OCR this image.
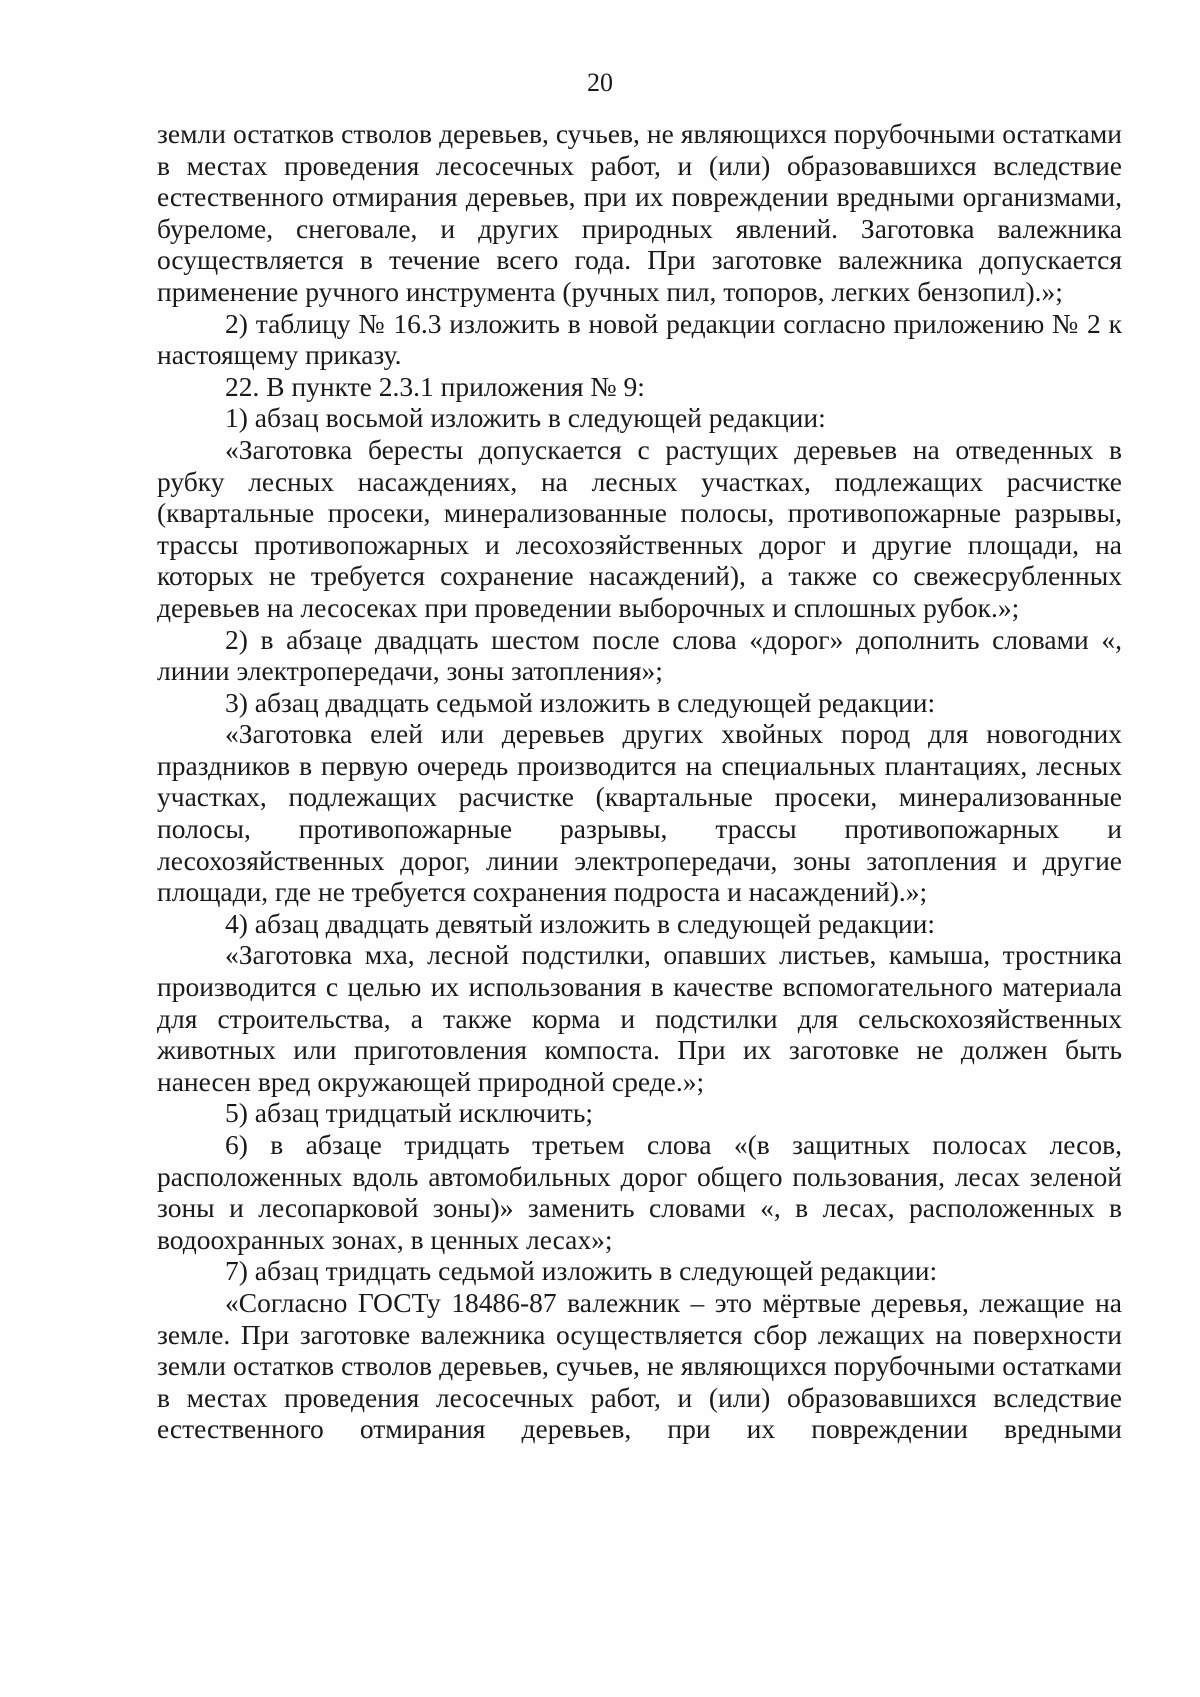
20

земли остатков стволов деревьев, сучьев, не являющихся порубочными остатками в местах проведения лесосечных работ, и (или) образовавшихся вследствие естественного отмирания деревьев, при их повреждении вредными организмами, буреломе, снеговале, и других природных явлений. Заготовка валежника осуществляется в течение всего года. При заготовке валежника допускается применение ручного инструмента (ручных пил, топоров, легких бензопил).»;

2) таблицу № 16.3 изложить в новой редакции согласно приложению № 2 к настоящему приказу.

22. В пункте 2.3.1 приложения № 9:

1) абзац восьмой изложить в следующей редакции:

«Заготовка бересты допускается с растущих деревьев на отведенных в рубку лесных насаждениях, на лесных участках, подлежащих расчистке (квартальные просеки, минерализованные полосы, противопожарные разрывы, трассы противопожарных и лесохозяйственных дорог и другие площади, на которых не требуется сохранение насаждений), а также со свежесрубленных деревьев на лесосеках при проведении выборочных и сплошных рубок.»;

2) в абзаце двадцать шестом после слова «дорог» дополнить словами «, линии электропередачи, зоны затопления»;

3) абзац двадцать седьмой изложить в следующей редакции:

«Заготовка елей или деревьев других хвойных пород для новогодних праздников в первую очередь производится на специальных плантациях, лесных участках, подлежащих расчистке (квартальные просеки, минерализованные полосы, противопожарные разрывы, трассы противопожарных и лесохозяйственных дорог, линии электропередачи, зоны затопления и другие площади, где не требуется сохранения подроста и насаждений).»;

4) абзац двадцать девятый изложить в следующей редакции:

«Заготовка мха, лесной подстилки, опавших листьев, камыша, тростника производится с целью их использования в качестве вспомогательного материала для строительства, а также корма и подстилки для сельскохозяйственных животных или приготовления компоста. При их заготовке не должен быть нанесен вред окружающей природной среде.»;

5) абзац тридцатый исключить;

6) в абзаце тридцать третьем слова «(в защитных полосах лесов, расположенных вдоль автомобильных дорог общего пользования, лесах зеленой зоны и лесопарковой зоны)» заменить словами «, в лесах, расположенных в водоохранных зонах, в ценных лесах»;

7) абзац тридцать седьмой изложить в следующей редакции:

«Согласно ГОСТу 18486-87 валежник – это мёртвые деревья, лежащие на земле. При заготовке валежника осуществляется сбор лежащих на поверхности земли остатков стволов деревьев, сучьев, не являющихся порубочными остатками в местах проведения лесосечных работ, и (или) образовавшихся вследствие естественного отмирания деревьев, при их повреждении вредными
